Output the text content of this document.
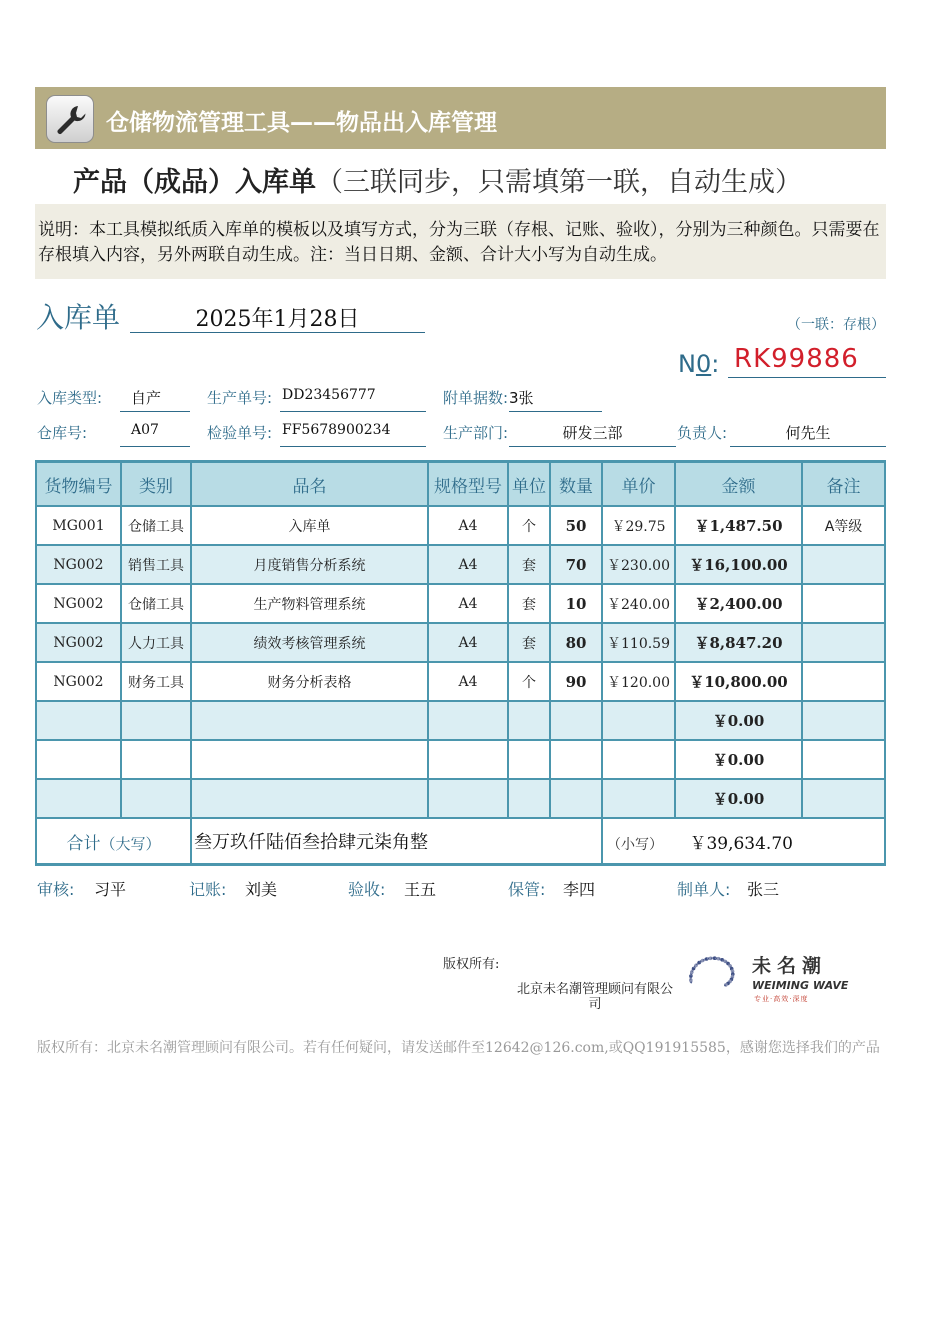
仓储物流管理工具——物品出入库管理
产品（成品）入库单（三联同步，只需填第一联，自动生成）
说明：本工具模拟纸质入库单的模板以及填写方式，分为三联（存根、记账、验收），分别为三种颜色。只需要在存根填入内容，另外两联自动生成。注：当日日期、金额、合计大小写为自动生成。
入库单	2025年1月28日	（一联：存根）
N0: RK99886
入库类型:	自产	生产单号: DD23456777	附单据数: 3张
仓库号:	A07	检验单号: FF5678900234	生产部门:	研发三部	负责人:	何先生
货物编号	类别	品名	规格型号	单位	数量	单价	金额	备注
MG001	仓储工具	入库单	A4	个	50	￥29.75	￥1,487.50	A等级
NG002	销售工具	月度销售分析系统	A4	套	70	￥230.00	￥16,100.00	
NG002	仓储工具	生产物料管理系统	A4	套	10	￥240.00	￥2,400.00	
NG002	人力工具	绩效考核管理系统	A4	套	80	￥110.59	￥8,847.20	
NG002	财务工具	财务分析表格	A4	个	90	￥120.00	￥10,800.00	
							￥0.00	
							￥0.00	
							￥0.00	
合计（大写）		叁万玖仟陆佰叁拾肆元柒角整				（小写） ￥39,634.70		
审核: 习平	记账: 刘美	验收: 王五	保管: 李四	制单人: 张三
版权所有:
北京未名潮管理顾问有限公司
未名潮
WEIMING WAVE
专业·高效·深度
版权所有：北京未名潮管理顾问有限公司。若有任何疑问，请发送邮件至12642@126.com,或QQ191915585，感谢您选择我们的产品
